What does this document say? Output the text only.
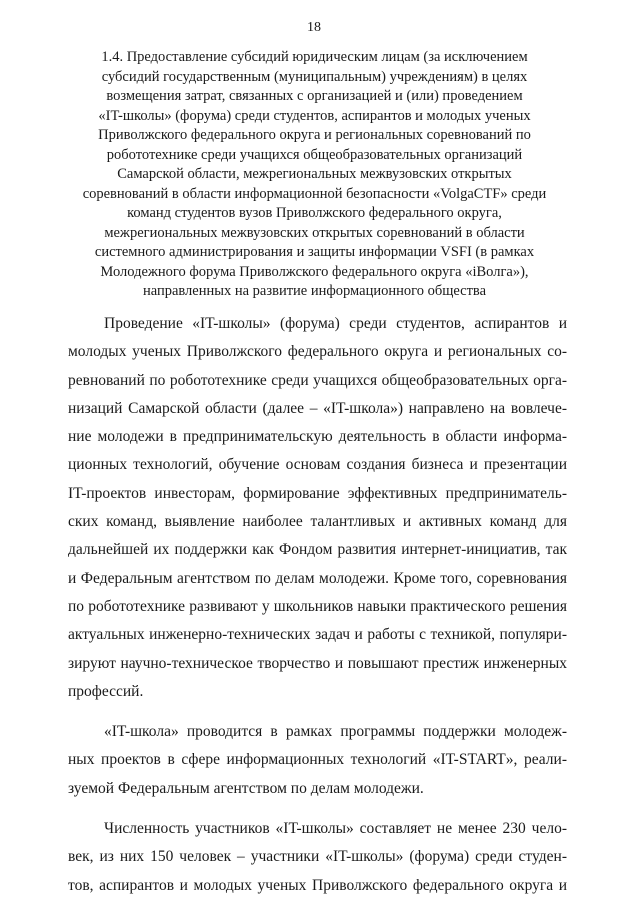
18
1.4. Предоставление субсидий юридическим лицам (за исключением
субсидий государственным (муниципальным) учреждениям) в целях
возмещения затрат, связанных с организацией и (или) проведением
«IT-школы» (форума) среди студентов, аспирантов и молодых ученых
Приволжского федерального округа и региональных соревнований по
робототехнике среди учащихся общеобразовательных организаций
Самарской области, межрегиональных межвузовских открытых
соревнований в области информационной безопасности «VolgaCTF» среди
команд студентов вузов Приволжского федерального округа,
межрегиональных межвузовских открытых соревнований в области
системного администрирования и защиты информации VSFI (в рамках
Молодежного форума Приволжского федерального округа «iВолга»),
направленных на развитие информационного общества

Проведение «IT-школы» (форума) среди студентов, аспирантов и
молодых ученых Приволжского федерального округа и региональных со-
ревнований по робототехнике среди учащихся общеобразовательных орга-
низаций Самарской области (далее – «IT-школа») направлено на вовлече-
ние молодежи в предпринимательскую деятельность в области информа-
ционных технологий, обучение основам создания бизнеса и презентации
IT-проектов инвесторам, формирование эффективных предприниматель-
ских команд, выявление наиболее талантливых и активных команд для
дальнейшей их поддержки как Фондом развития интернет-инициатив, так
и Федеральным агентством по делам молодежи. Кроме того, соревнования
по робототехнике развивают у школьников навыки практического решения
актуальных инженерно-технических задач и работы с техникой, популяри-
зируют научно-техническое творчество и повышают престиж инженерных
профессий.

«IT-школа» проводится в рамках программы поддержки молодеж-
ных проектов в сфере информационных технологий «IT-START», реали-
зуемой Федеральным агентством по делам молодежи.

Численность участников «IT-школы» составляет не менее 230 чело-
век, из них 150 человек – участники «IT-школы» (форума) среди студен-
тов, аспирантов и молодых ученых Приволжского федерального округа и
